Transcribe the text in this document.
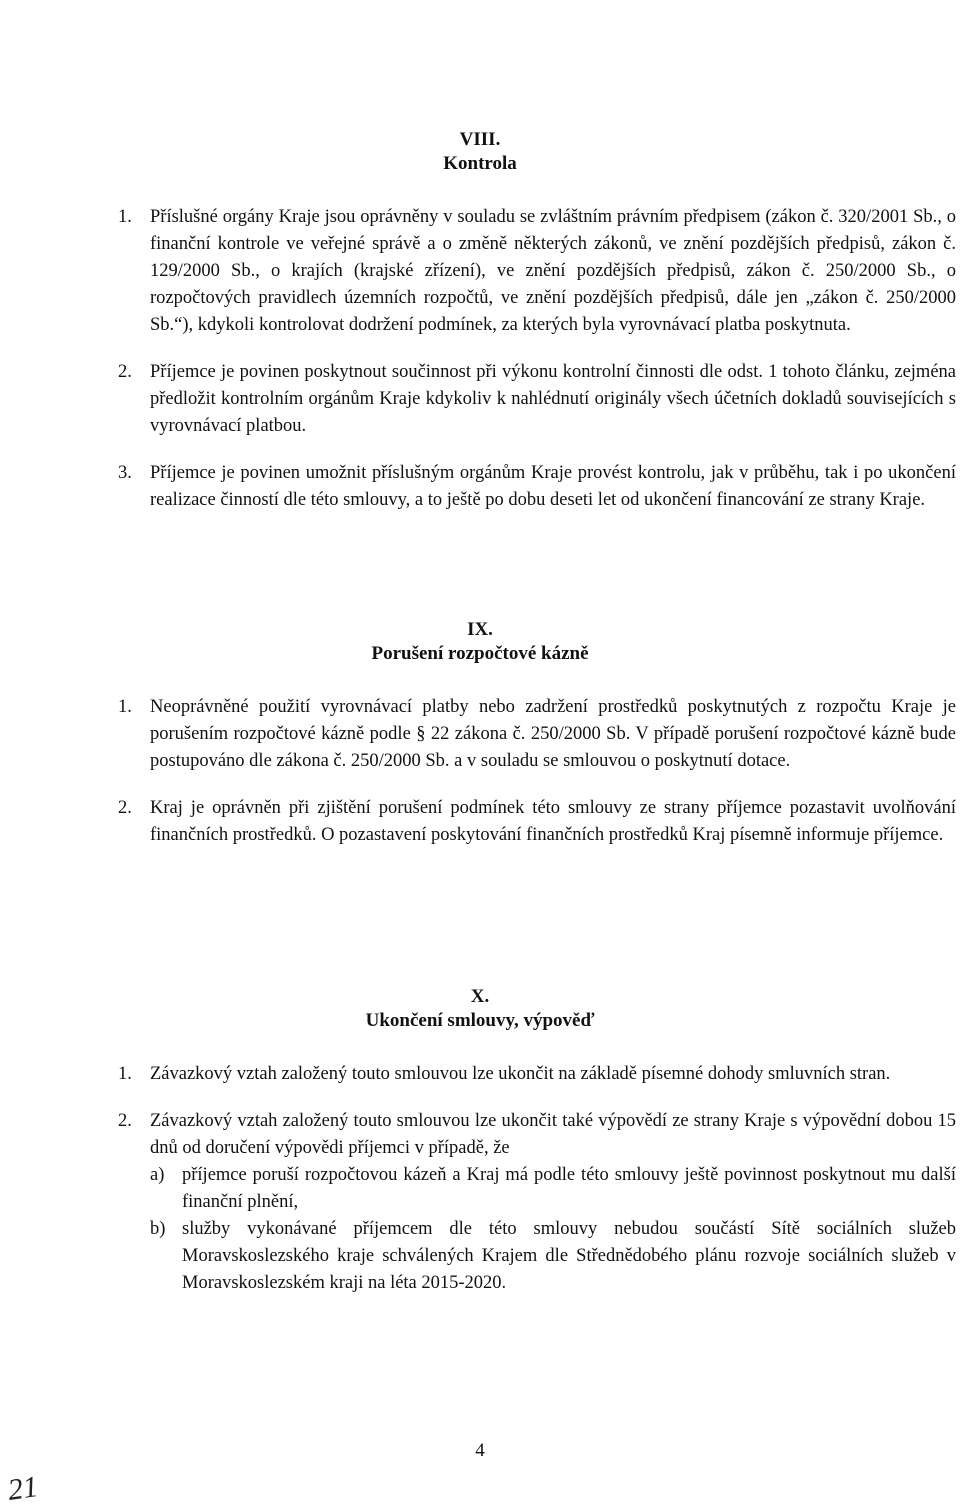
VIII.
Kontrola
1. Příslušné orgány Kraje jsou oprávněny v souladu se zvláštním právním předpisem (zákon č. 320/2001 Sb., o finanční kontrole ve veřejné správě a o změně některých zákonů, ve znění pozdějších předpisů, zákon č. 129/2000 Sb., o krajích (krajské zřízení), ve znění pozdějších předpisů, zákon č. 250/2000 Sb., o rozpočtových pravidlech územních rozpočtů, ve znění pozdějších předpisů, dále jen „zákon č. 250/2000 Sb.“), kdykoli kontrolovat dodržení podmínek, za kterých byla vyrovnávací platba poskytnuta.
2. Příjemce je povinen poskytnout součinnost při výkonu kontrolní činnosti dle odst. 1 tohoto článku, zejména předložit kontrolním orgánům Kraje kdykoliv k nahlédnutí originály všech účetních dokladů souvisejících s vyrovnávací platbou.
3. Příjemce je povinen umožnit příslušným orgánům Kraje provést kontrolu, jak v průběhu, tak i po ukončení realizace činností dle této smlouvy, a to ještě po dobu deseti let od ukončení financování ze strany Kraje.
IX.
Porušení rozpočtové kázně
1. Neoprávněné použití vyrovnávací platby nebo zadržení prostředků poskytnutých z rozpočtu Kraje je porušením rozpočtové kázně podle § 22 zákona č. 250/2000 Sb. V případě porušení rozpočtové kázně bude postupováno dle zákona č. 250/2000 Sb. a v souladu se smlouvou o poskytnutí dotace.
2. Kraj je oprávněn při zjištění porušení podmínek této smlouvy ze strany příjemce pozastavit uvolňování finančních prostředků. O pozastavení poskytování finančních prostředků Kraj písemně informuje příjemce.
X.
Ukončení smlouvy, výpověď
1. Závazkový vztah založený touto smlouvou lze ukončit na základě písemné dohody smluvních stran.
2. Závazkový vztah založený touto smlouvou lze ukončit také výpovědí ze strany Kraje s výpovědní dobou 15 dnů od doručení výpovědi příjemci v případě, že
a) příjemce poruší rozpočtovou kázeň a Kraj má podle této smlouvy ještě povinnost poskytnout mu další finanční plnění,
b) služby vykonávané příjemcem dle této smlouvy nebudou součástí Sítě sociálních služeb Moravskoslezského kraje schválených Krajem dle Střednědobého plánu rozvoje sociálních služeb v Moravskoslezském kraji na léta 2015-2020.
4
21
